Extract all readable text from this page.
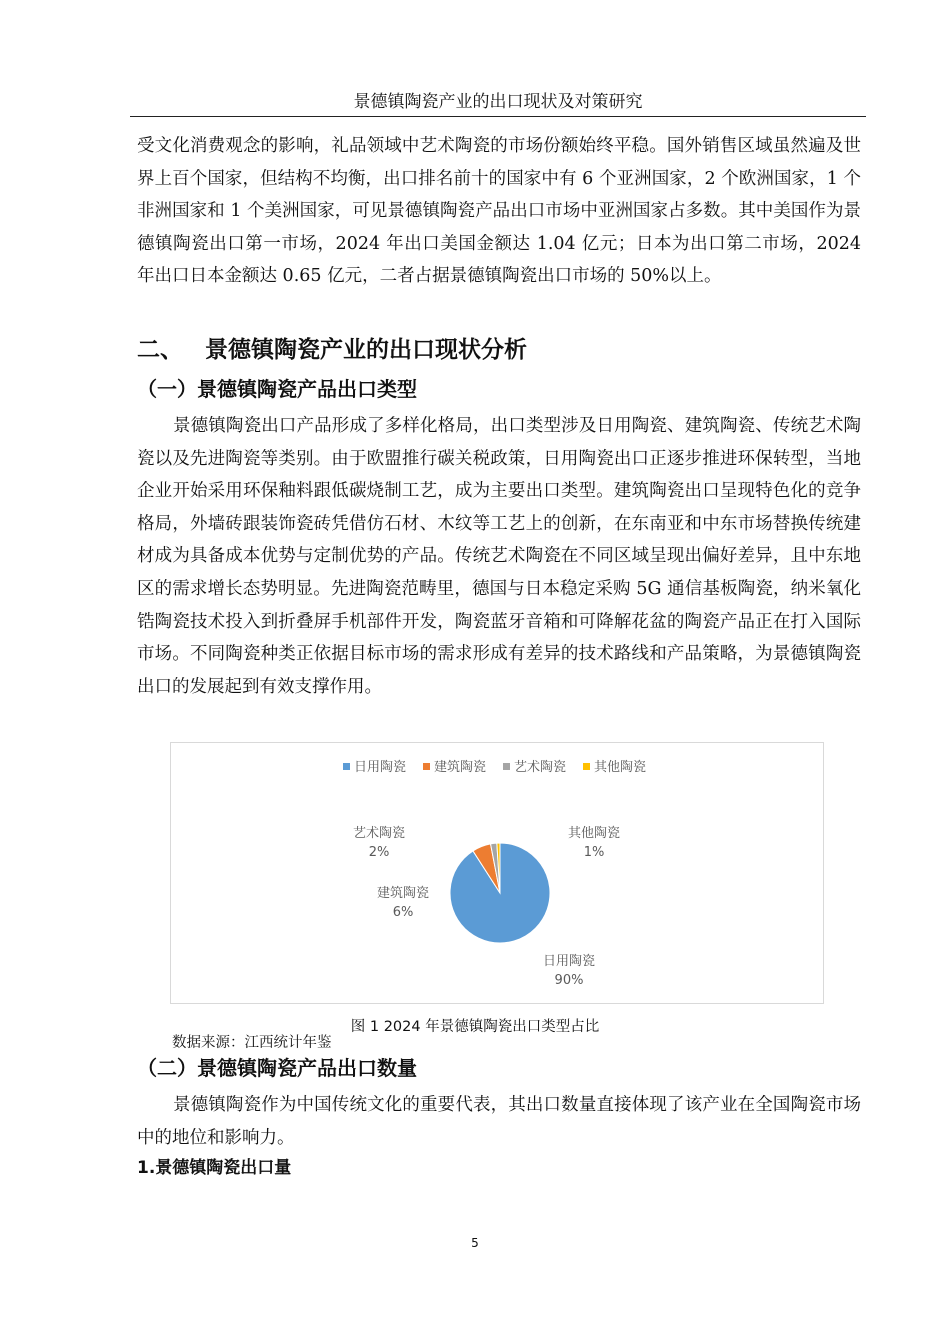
景德镇陶瓷产业的出口现状及对策研究

受文化消费观念的影响，礼品领域中艺术陶瓷的市场份额始终平稳。国外销售区域虽然遍及世界上百个国家，但结构不均衡，出口排名前十的国家中有 6 个亚洲国家，2 个欧洲国家，1 个非洲国家和 1 个美洲国家，可见景德镇陶瓷产品出口市场中亚洲国家占多数。其中美国作为景德镇陶瓷出口第一市场，2024 年出口美国金额达 1.04 亿元；日本为出口第二市场，2024 年出口日本金额达 0.65 亿元，二者占据景德镇陶瓷出口市场的 50%以上。

二、 景德镇陶瓷产业的出口现状分析
（一）景德镇陶瓷产品出口类型

景德镇陶瓷出口产品形成了多样化格局，出口类型涉及日用陶瓷、建筑陶瓷、传统艺术陶瓷以及先进陶瓷等类别。由于欧盟推行碳关税政策，日用陶瓷出口正逐步推进环保转型，当地企业开始采用环保釉料跟低碳烧制工艺，成为主要出口类型。建筑陶瓷出口呈现特色化的竞争格局，外墙砖跟装饰瓷砖凭借仿石材、木纹等工艺上的创新，在东南亚和中东市场替换传统建材成为具备成本优势与定制优势的产品。传统艺术陶瓷在不同区域呈现出偏好差异，且中东地区的需求增长态势明显。先进陶瓷范畴里，德国与日本稳定采购 5G 通信基板陶瓷，纳米氧化锆陶瓷技术投入到折叠屏手机部件开发，陶瓷蓝牙音箱和可降解花盆的陶瓷产品正在打入国际市场。不同陶瓷种类正依据目标市场的需求形成有差异的技术路线和产品策略，为景德镇陶瓷出口的发展起到有效支撑作用。

日用陶瓷 建筑陶瓷 艺术陶瓷 其他陶瓷
日用陶瓷
90%
建筑陶瓷
6%
艺术陶瓷
2%
其他陶瓷
1%
图 1 2024 年景德镇陶瓷出口类型占比
数据来源：江西统计年鉴
（二）景德镇陶瓷产品出口数量

景德镇陶瓷作为中国传统文化的重要代表，其出口数量直接体现了该产业在全国陶瓷市场中的地位和影响力。

1.景德镇陶瓷出口量
5
